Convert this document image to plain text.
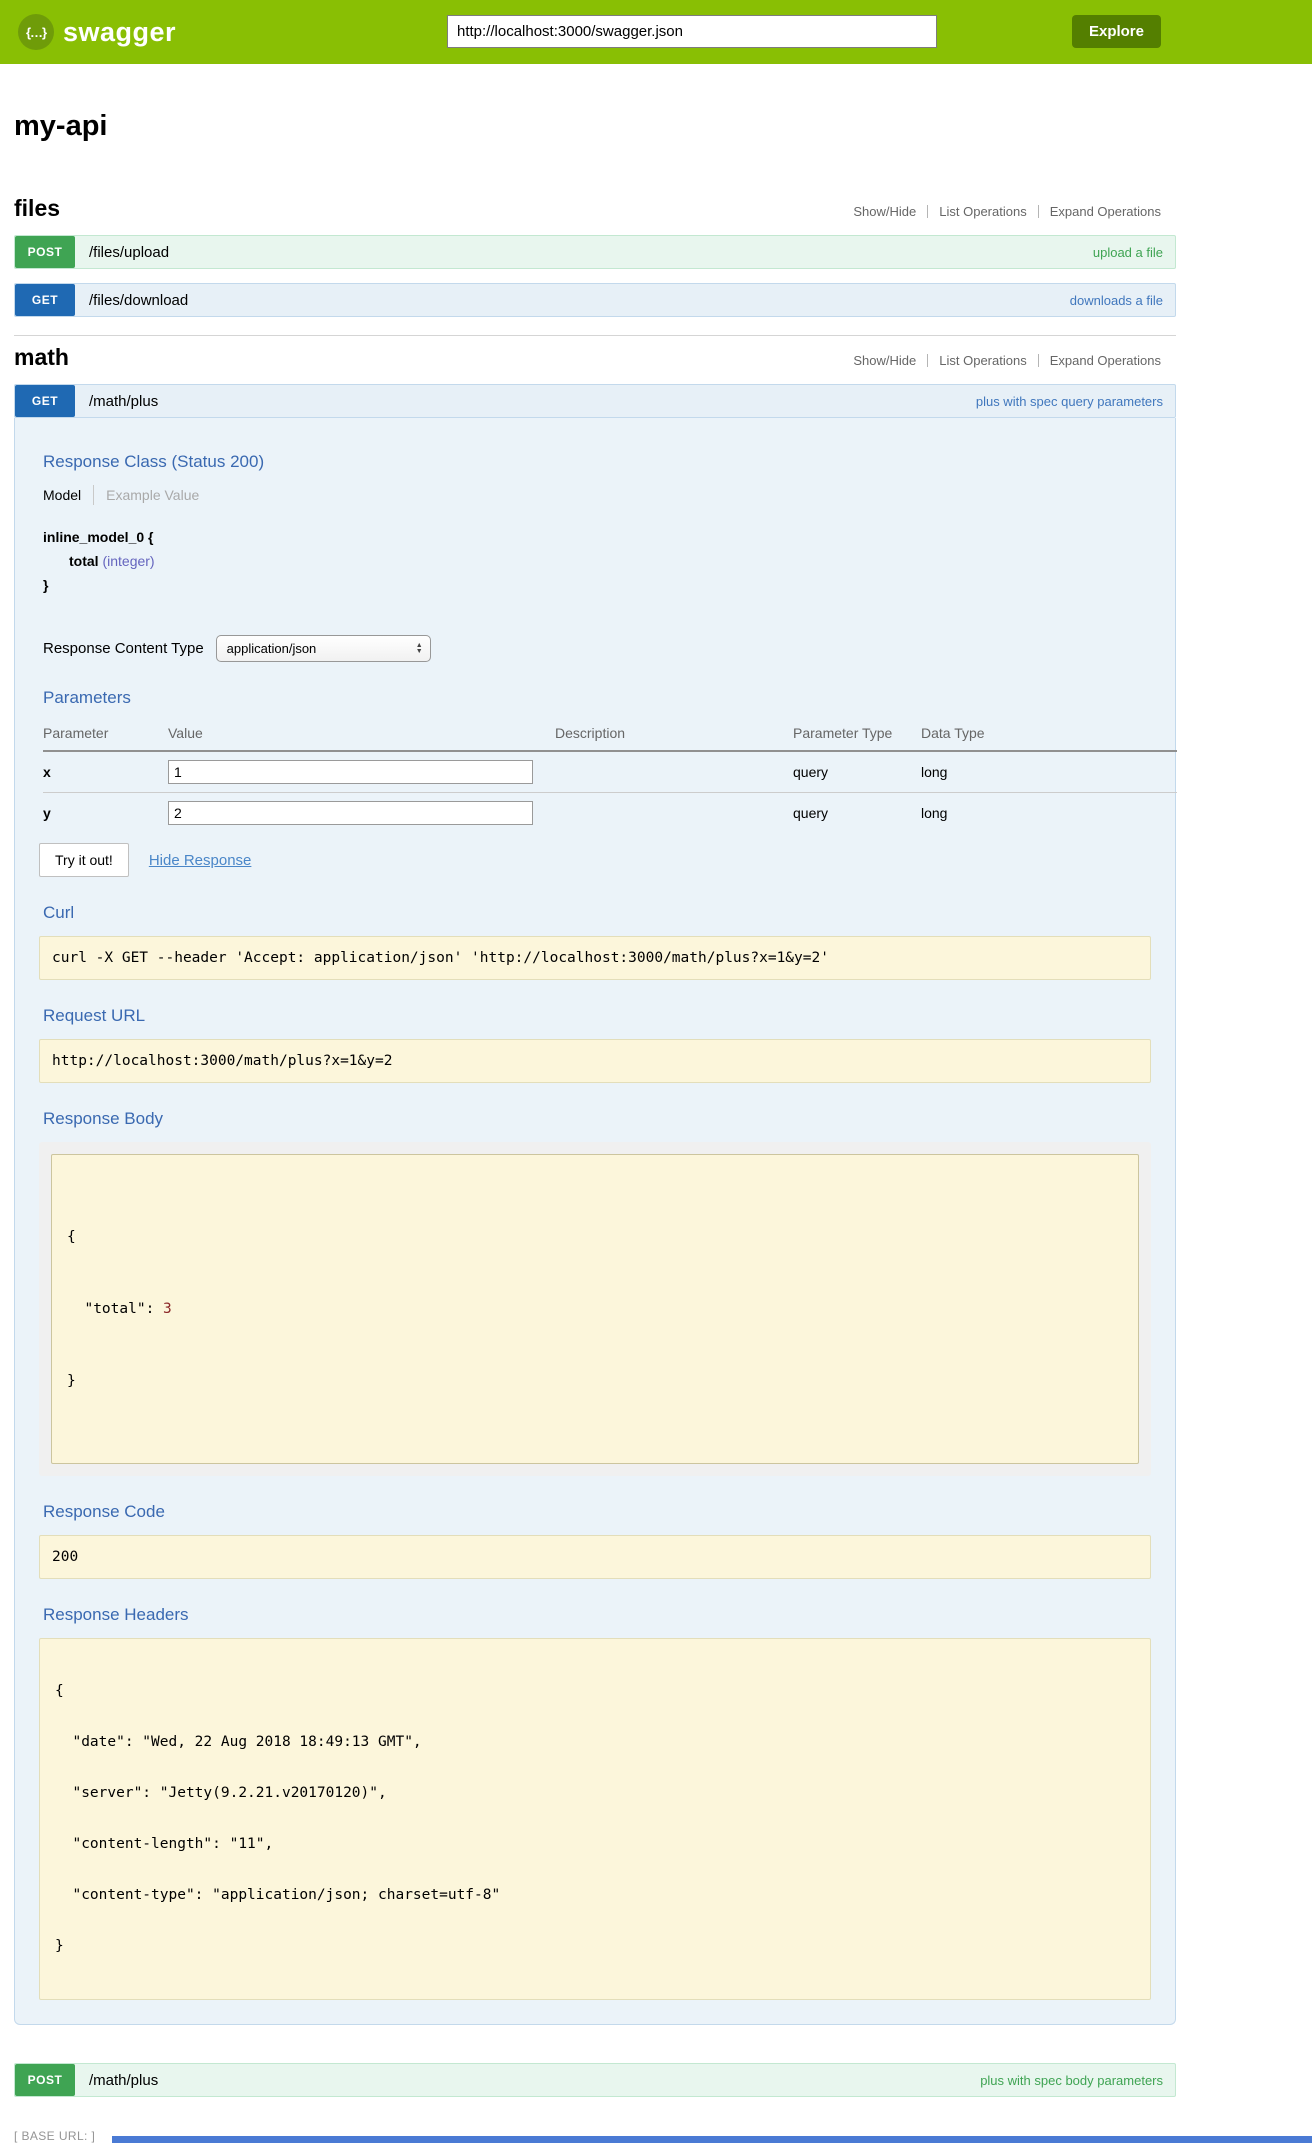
{…} swagger
http://localhost:3000/swagger.json	Explore
my-api
files	Show/Hide List Operations Expand Operations
POST	/files/upload	upload a file
GET	/files/download	downloads a file
math	Show/Hide List Operations Expand Operations
GET	/math/plus	plus with spec query parameters
Response Class (Status 200)
Model Example Value
inline_model_0 {
total (integer)
}
Response Content Type application/json	▲
▼
Parameters
Parameter	Value	Description	Parameter Type	Data Type
x	1		query	long
y	2		query	long
Try it out!	Hide Response
Curl
curl -X GET --header 'Accept: application/json' 'http://localhost:3000/math/plus?x=1&y=2'
Request URL
http://localhost:3000/math/plus?x=1&y=2
Response Body

{

"total": 3

}

Response Code
200
Response Headers

{

"date": "Wed, 22 Aug 2018 18:49:13 GMT",

"server": "Jetty(9.2.21.v20170120)",

"content-length": "11",

"content-type": "application/json; charset=utf-8"

}

POST	/math/plus	plus with spec body parameters
[ BASE URL: ]
